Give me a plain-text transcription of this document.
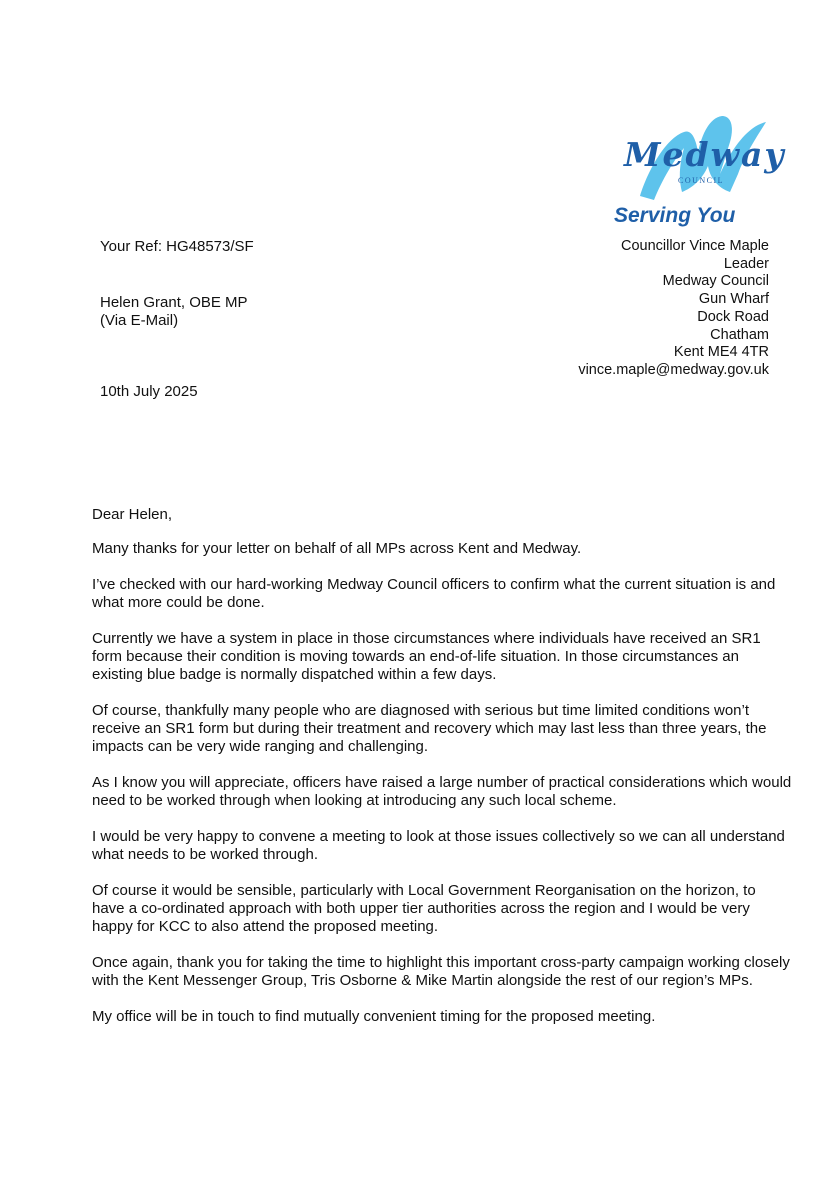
Medway
COUNCIL
Serving You
Your Ref: HG48573/SF	Councillor Vince Maple
Leader
Medway Council
Gun Wharf
Dock Road
Chatham
Kent ME4 4TR
vince.maple@medway.gov.uk
Helen Grant, OBE MP
(Via E-Mail)
10th July 2025

Dear Helen,

Many thanks for your letter on behalf of all MPs across Kent and Medway.

I’ve checked with our hard-working Medway Council officers to confirm what the current situation is and what more could be done.

Currently we have a system in place in those circumstances where individuals have received an SR1 form because their condition is moving towards an end-of-life situation. In those circumstances an existing blue badge is normally dispatched within a few days.

Of course, thankfully many people who are diagnosed with serious but time limited conditions won’t receive an SR1 form but during their treatment and recovery which may last less than three years, the impacts can be very wide ranging and challenging.

As I know you will appreciate, officers have raised a large number of practical considerations which would need to be worked through when looking at introducing any such local scheme.

I would be very happy to convene a meeting to look at those issues collectively so we can all understand what needs to be worked through.

Of course it would be sensible, particularly with Local Government Reorganisation on the horizon, to have a co-ordinated approach with both upper tier authorities across the region and I would be very happy for KCC to also attend the proposed meeting.

Once again, thank you for taking the time to highlight this important cross-party campaign working closely with the Kent Messenger Group, Tris Osborne & Mike Martin alongside the rest of our region’s MPs.

My office will be in touch to find mutually convenient timing for the proposed meeting.
